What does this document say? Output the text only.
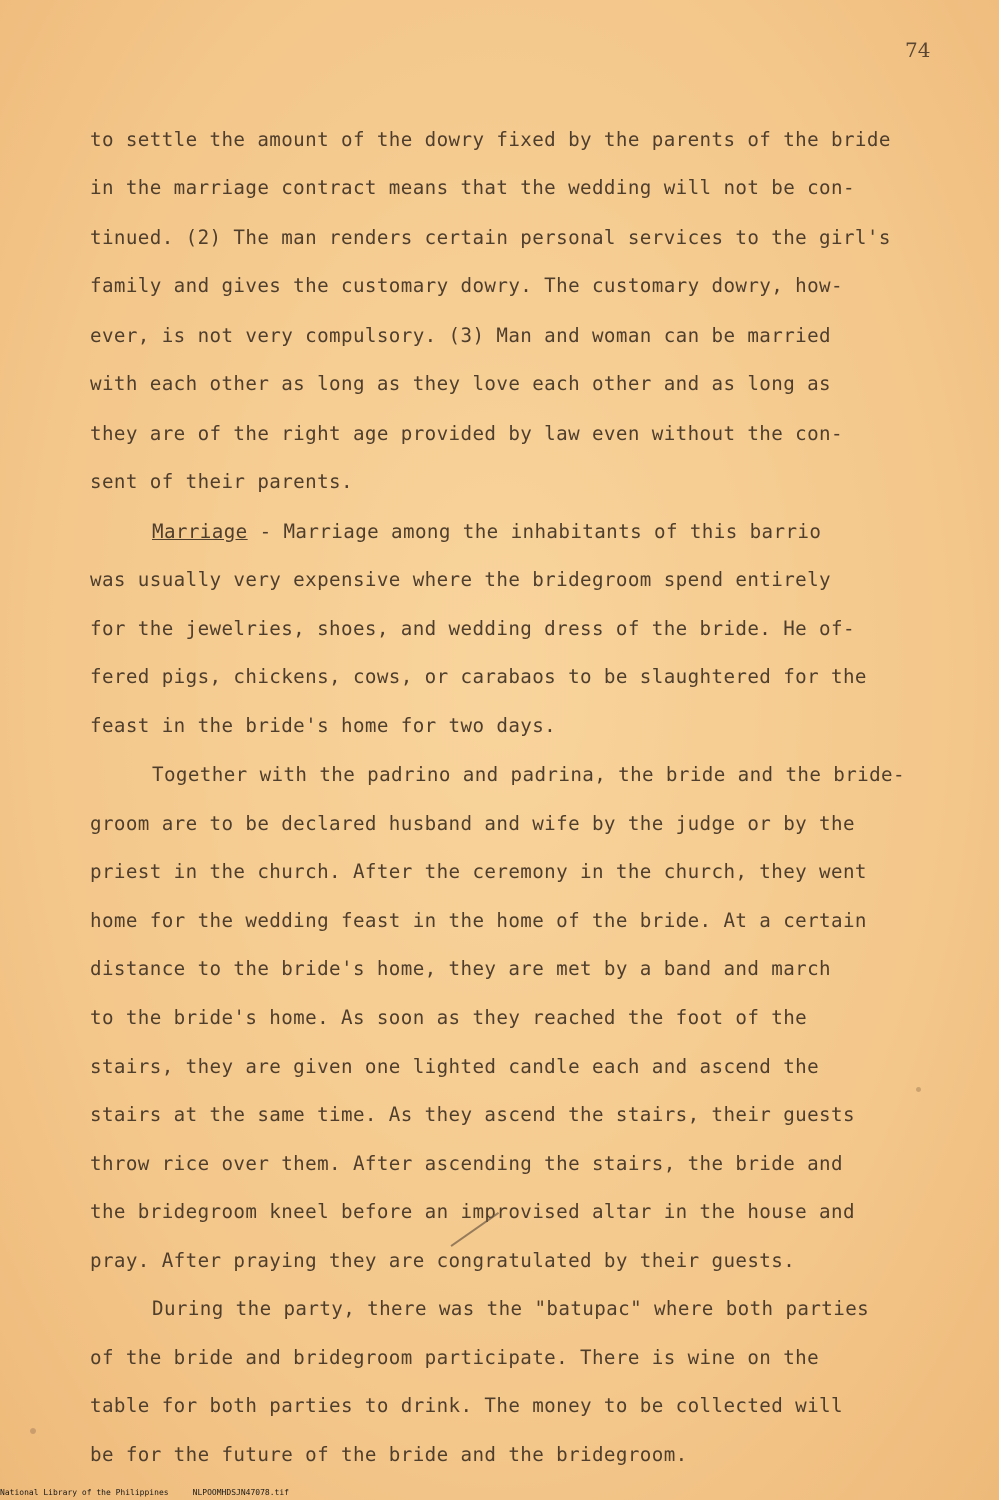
74
to settle the amount of the dowry fixed by the parents of the bride
in the marriage contract means that the wedding will not be con-
tinued. (2) The man renders certain personal services to the girl's
family and gives the customary dowry. The customary dowry, how-
ever, is not very compulsory. (3) Man and woman can be married
with each other as long as they love each other and as long as
they are of the right age provided by law even without the con-
sent of their parents.
Marriage - Marriage among the inhabitants of this barrio
was usually very expensive where the bridegroom spend entirely
for the jewelries, shoes, and wedding dress of the bride. He of-
fered pigs, chickens, cows, or carabaos to be slaughtered for the
feast in the bride's home for two days.
Together with the padrino and padrina, the bride and the bride-
groom are to be declared husband and wife by the judge or by the
priest in the church. After the ceremony in the church, they went
home for the wedding feast in the home of the bride. At a certain
distance to the bride's home, they are met by a band and march
to the bride's home. As soon as they reached the foot of the
stairs, they are given one lighted candle each and ascend the
stairs at the same time. As they ascend the stairs, their guests
throw rice over them. After ascending the stairs, the bride and
the bridegroom kneel before an improvised altar in the house and
pray. After praying they are congratulated by their guests.
During the party, there was the "batupac" where both parties
of the bride and bridegroom participate. There is wine on the
table for both parties to drink. The money to be collected will
be for the future of the bride and the bridegroom.
National Library of the Philippines     NLPOOMHDSJN47078.tif
